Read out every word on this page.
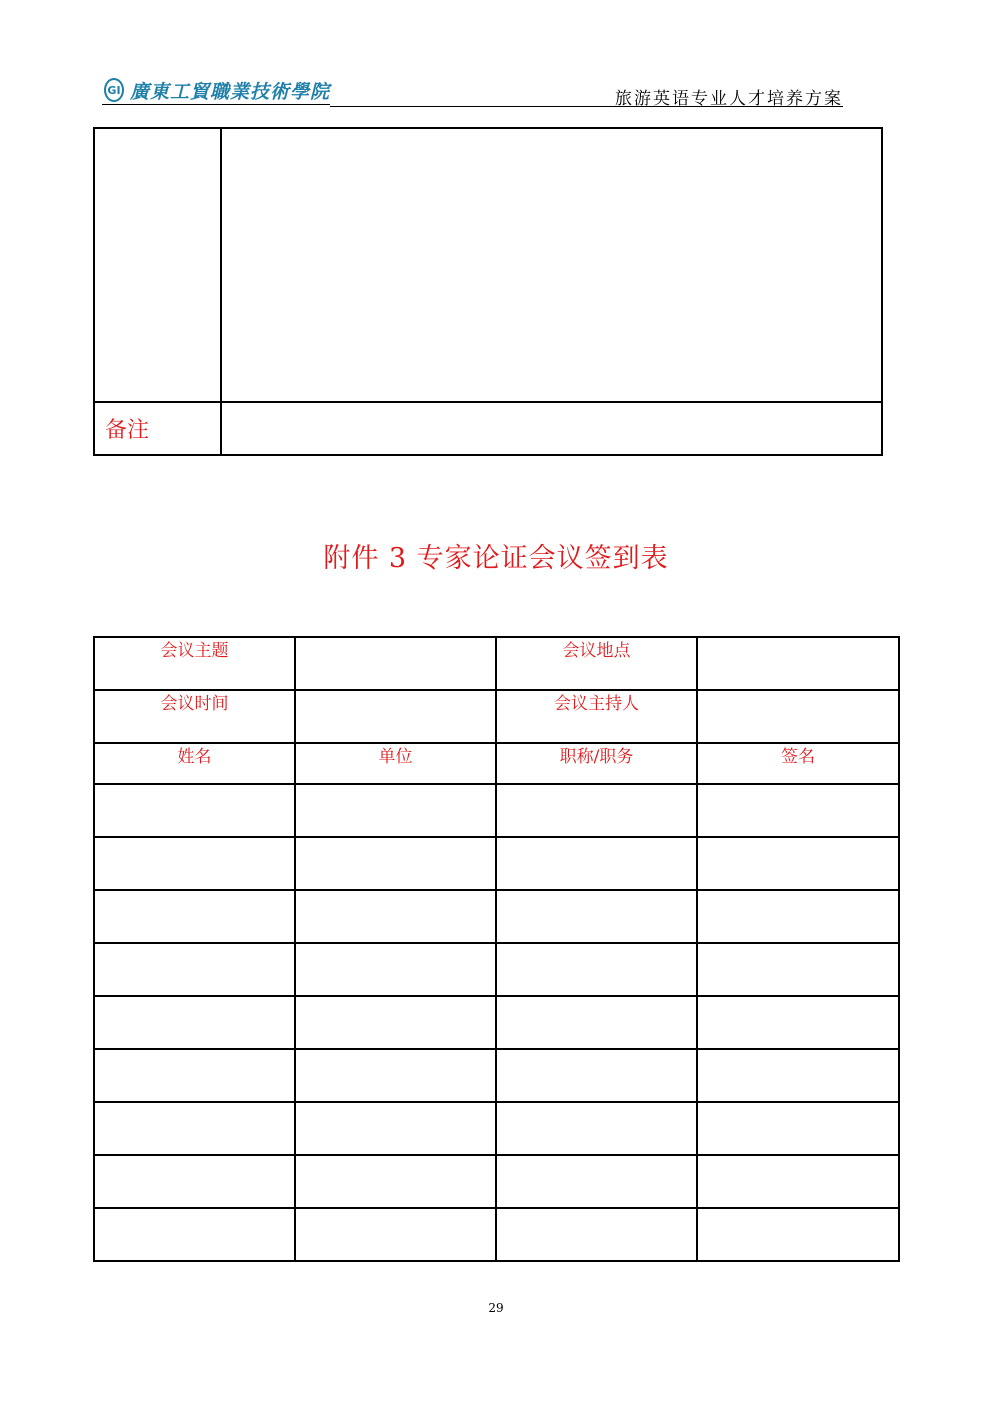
GI 廣東工貿職業技術學院	旅游英语专业人才培养方案

备注	
附件 3 专家论证会议签到表
会议主题		会议地点	
会议时间		会议主持人	
姓名	单位	职称/职务	签名

29
